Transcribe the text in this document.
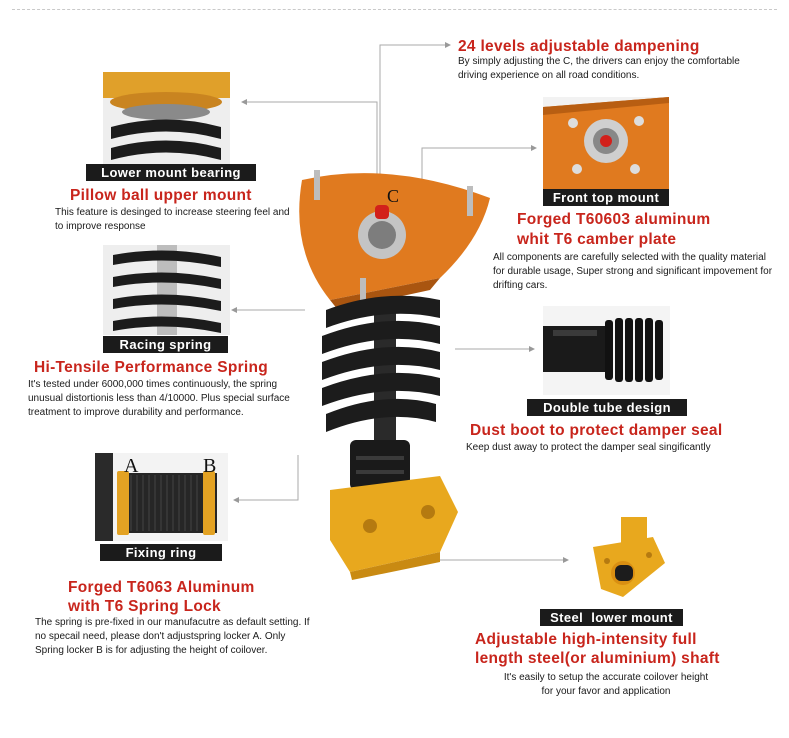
Lower mount bearing
Pillow ball upper mount

This feature is desinged to increase steering feel and to improve response

Racing spring
Hi-Tensile Performance Spring

It's tested under 6000,000 times continuously, the spring unusual distortionis less than 4/10000. Plus special surface treatment to improve durability and performance.

A	B
Fixing ring
Forged T6063 Aluminum
with T6 Spring Lock

The spring is pre-fixed in our manufacutre as default setting. If no specail need, please don't adjustspring locker A. Only Spring locker B is for adjusting the height of coilover.

24 levels adjustable dampening

By simply adjusting the C, the drivers can enjoy the comfortable driving experience on all road conditions.

Front top mount
Forged T60603 aluminum
whit T6 camber plate

All components are carefully selected with the quality material for durable usage, Super strong and significant impovement for drifting cars.

Double tube design
Dust boot to protect damper seal

Keep dust away to protect the damper seal singificantly

Steel  lower mount
Adjustable high-intensity full
length steel(or aluminium) shaft

It's easily to setup the accurate coilover height for your favor and application

C
